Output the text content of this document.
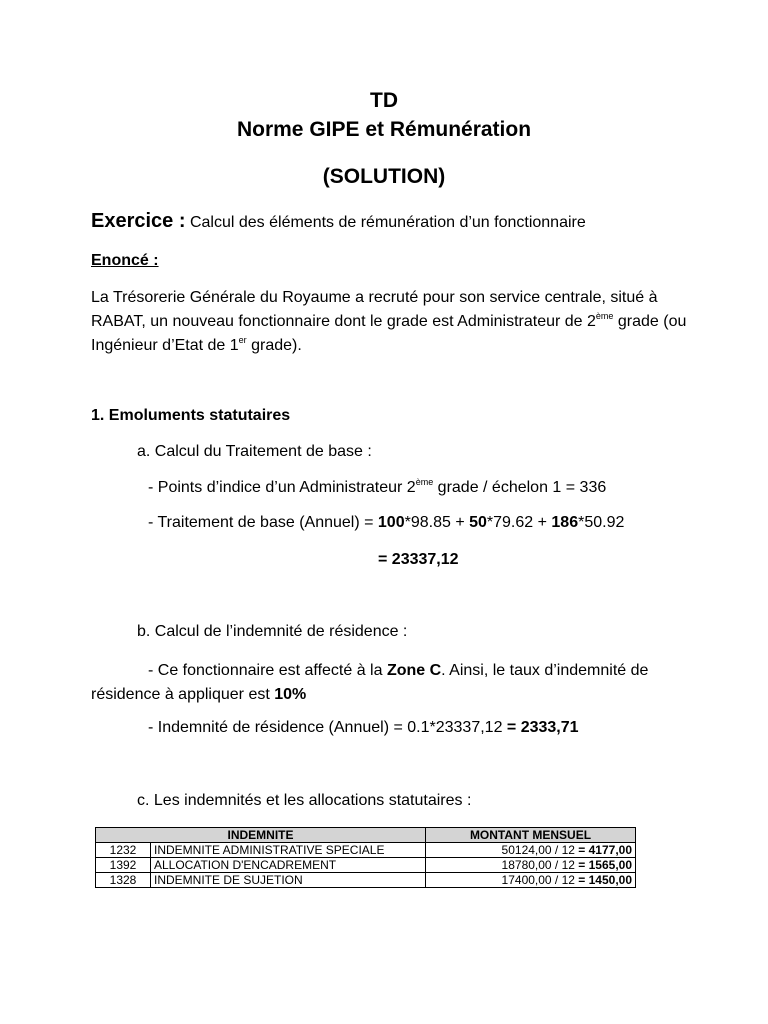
TD
Norme GIPE et Rémunération
(SOLUTION)
Exercice : Calcul des éléments de rémunération d’un fonctionnaire
Enoncé :
La Trésorerie Générale du Royaume a recruté pour son service centrale, situé à RABAT, un nouveau fonctionnaire dont le grade est Administrateur de 2ème grade (ou Ingénieur d’Etat de 1er grade).
1. Emoluments statutaires
a. Calcul du Traitement de base :
- Points d’indice d’un Administrateur 2ème grade / échelon 1 = 336
- Traitement de base (Annuel) = 100*98.85 + 50*79.62 + 186*50.92
= 23337,12
b. Calcul de l’indemnité de résidence :
- Ce fonctionnaire est affecté à la Zone C. Ainsi, le taux d’indemnité de résidence à appliquer est 10%
- Indemnité de résidence (Annuel) = 0.1*23337,12 = 2333,71
c. Les indemnités et les allocations statutaires :
INDEMNITE		MONTANT MENSUEL
1232	INDEMNITE ADMINISTRATIVE SPECIALE	50124,00 / 12 = 4177,00
1392	ALLOCATION D'ENCADREMENT	18780,00 / 12 = 1565,00
1328	INDEMNITE DE SUJETION	17400,00 / 12 = 1450,00
